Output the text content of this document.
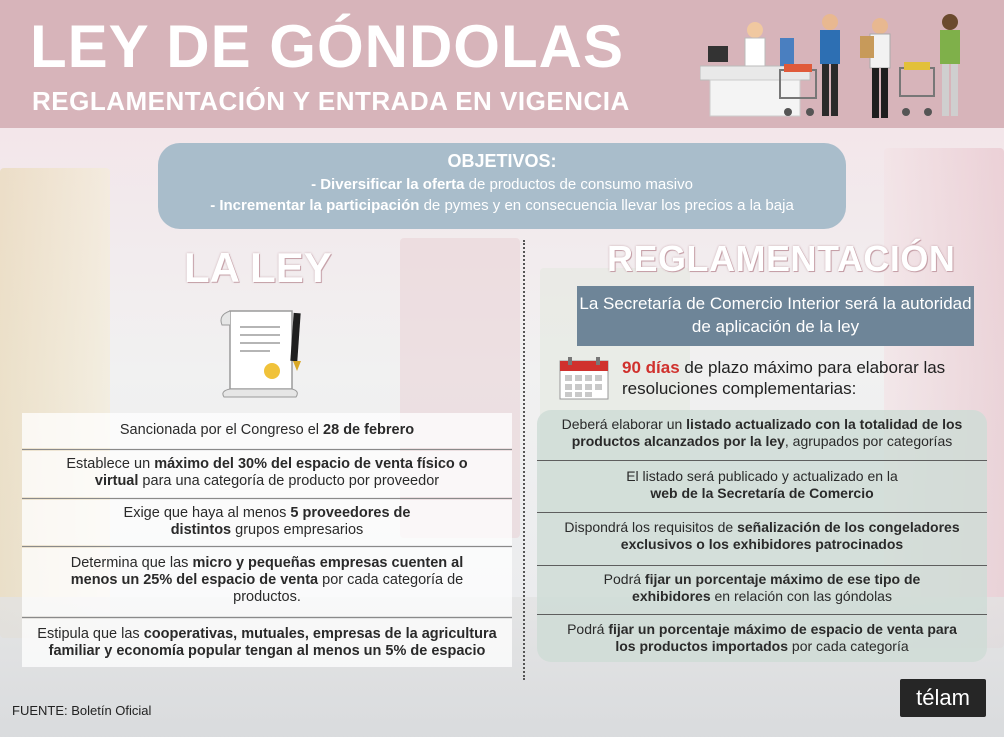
LEY DE GÓNDOLAS
REGLAMENTACIÓN Y ENTRADA EN VIGENCIA
OBJETIVOS:
- Diversificar la oferta de productos de consumo masivo
- Incrementar la participación de pymes y en consecuencia llevar los precios a la baja
LA LEY
Sancionada por el Congreso el 28 de febrero
Establece un máximo del 30% del espacio de venta físico o virtual para una categoría de producto por proveedor
Exige que haya al menos 5 proveedores de distintos grupos empresarios
Determina que las micro y pequeñas empresas cuenten al menos un 25% del espacio de venta por cada categoría de productos.
Estipula que las cooperativas, mutuales, empresas de la agricultura familiar y economía popular tengan al menos un 5% de espacio
REGLAMENTACIÓN
La Secretaría de Comercio Interior será la autoridad de aplicación de la ley
90 días de plazo máximo para elaborar las resoluciones complementarias:
Deberá elaborar un listado actualizado con la totalidad de los productos alcanzados por la ley, agrupados por categorías
El listado será publicado y actualizado en la web de la Secretaría de Comercio
Dispondrá los requisitos de señalización de los congeladores exclusivos o los exhibidores patrocinados
Podrá fijar un porcentaje máximo de ese tipo de exhibidores en relación con las góndolas
Podrá fijar un porcentaje máximo de espacio de venta para los productos importados por cada categoría
FUENTE: Boletín Oficial
télam
